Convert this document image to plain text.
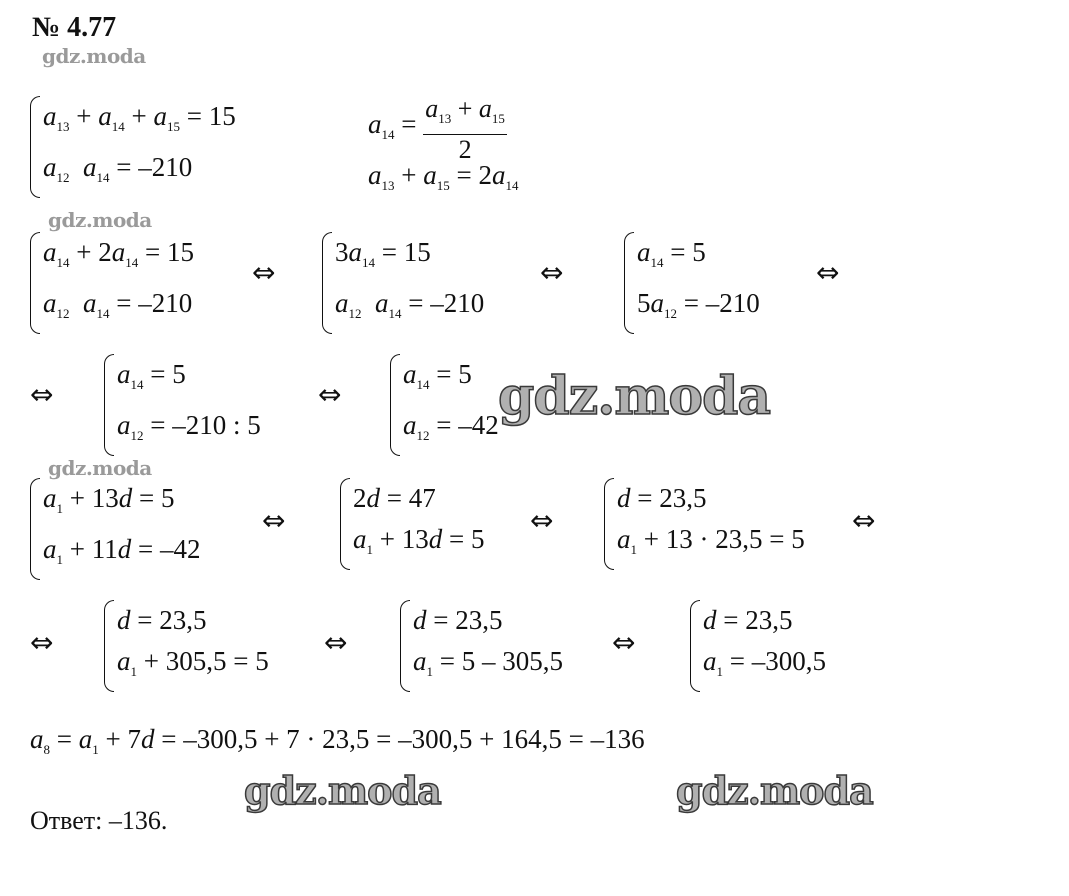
№ 4.77
gdz.moda
$a_{13} + a_{14} + a_{15} = 15$
$a_{12}$ $a_{14} = -210$
$a_{14} = \frac{a_{13} + a_{15}}{2}$
$a_{13} + a_{15} = 2a_{14}$
gdz.moda
$a_{14} + 2a_{14} = 15$
$a_{12}$ $a_{14} = -210$
⇔
$3a_{14} = 15$
$a_{12}$ $a_{14} = -210$
⇔
$a_{14} = 5$
$5a_{12} = -210$
⇔
⇔
$a_{14} = 5$
$a_{12} = -210$ : 5
⇔
$a_{14} = 5$
$a_{12} = -42$ gdz.moda
gdz.moda
$a_1 + 13d = 5$
$a_1 + 11d = -42$
⇔
2d = 47
$a_1 + 13d = 5$
⇔
d = 23,5
$a_1 + 13 \cdot 23,5 = 5$
⇔
⇔
d = 23,5
$a_1 + 305,5 = 5$
⇔
d = 23,5
$a_1 = 5 - 305,5$
⇔
d = 23,5
$a_1 = -300,5$
$a_8 = a_1 + 7d = -300,5 + 7 \cdot 23,5 = -300,5 + 164,5 = -136$
gdz.moda	gdz.moda
Ответ: –136.
